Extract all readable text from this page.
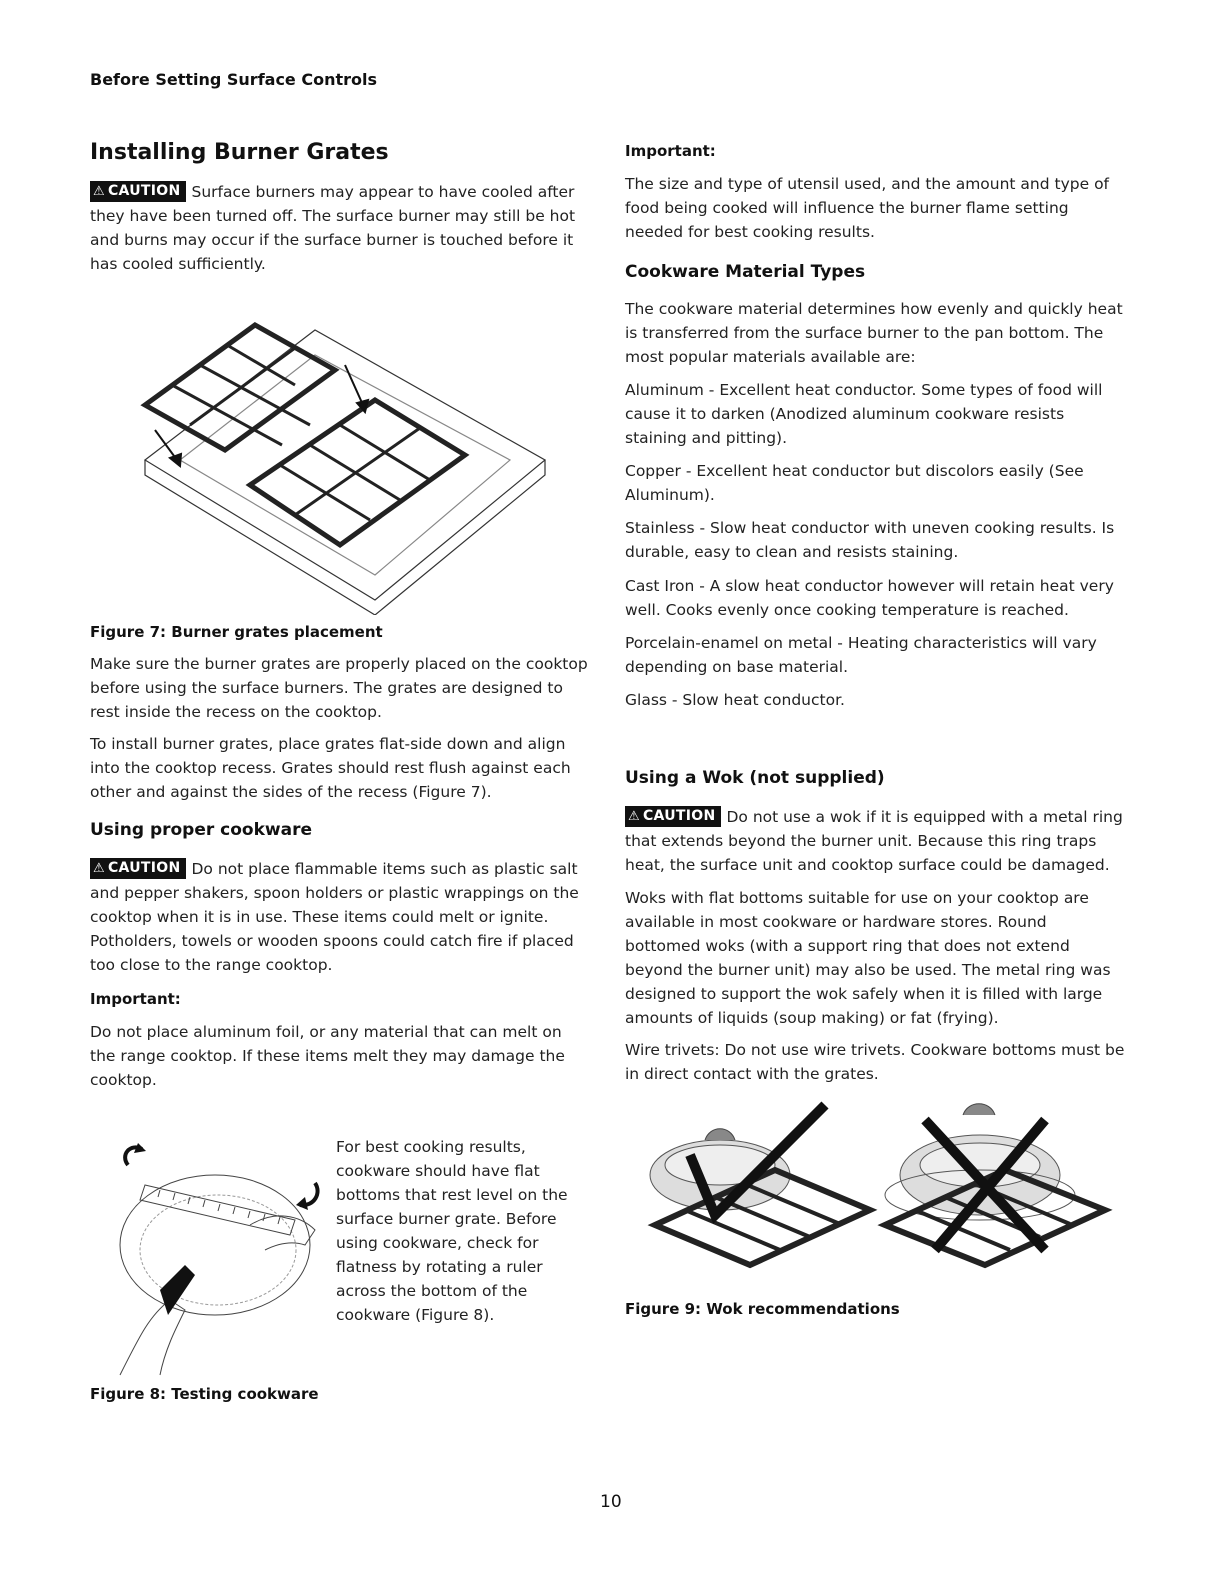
Before Setting Surface Controls
Installing Burner Grates

⚠ CAUTION Surface burners may appear to have cooled after they have been turned off. The surface burner may still be hot and burns may occur if the surface burner is touched before it has cooled sufficiently.

Figure 7: Burner grates placement

Make sure the burner grates are properly placed on the cooktop before using the surface burners. The grates are designed to rest inside the recess on the cooktop.

To install burner grates, place grates flat-side down and align into the cooktop recess. Grates should rest flush against each other and against the sides of the recess (Figure 7).

Using proper cookware

⚠ CAUTION Do not place flammable items such as plastic salt and pepper shakers, spoon holders or plastic wrappings on the cooktop when it is in use. These items could melt or ignite. Potholders, towels or wooden spoons could catch fire if placed too close to the range cooktop.

Important:

Do not place aluminum foil, or any material that can melt on the range cooktop. If these items melt they may damage the cooktop.

For best cooking results, cookware should have flat bottoms that rest level on the surface burner grate. Before using cookware, check for flatness by rotating a ruler across the bottom of the cookware (Figure 8).

Figure 8: Testing cookware
Important:

The size and type of utensil used, and the amount and type of food being cooked will influence the burner flame setting needed for best cooking results.

Cookware Material Types

The cookware material determines how evenly and quickly heat is transferred from the surface burner to the pan bottom. The most popular materials available are:

Aluminum - Excellent heat conductor. Some types of food will cause it to darken (Anodized aluminum cookware resists staining and pitting).

Copper - Excellent heat conductor but discolors easily (See Aluminum).

Stainless - Slow heat conductor with uneven cooking results. Is durable, easy to clean and resists staining.

Cast Iron - A slow heat conductor however will retain heat very well. Cooks evenly once cooking temperature is reached.

Porcelain-enamel on metal - Heating characteristics will vary depending on base material.

Glass - Slow heat conductor.

Using a Wok (not supplied)

⚠ CAUTION Do not use a wok if it is equipped with a metal ring that extends beyond the burner unit. Because this ring traps heat, the surface unit and cooktop surface could be damaged.

Woks with flat bottoms suitable for use on your cooktop are available in most cookware or hardware stores. Round bottomed woks (with a support ring that does not extend beyond the burner unit) may also be used. The metal ring was designed to support the wok safely when it is filled with large amounts of liquids (soup making) or fat (frying).

Wire trivets: Do not use wire trivets. Cookware bottoms must be in direct contact with the grates.

Figure 9: Wok recommendations
10
